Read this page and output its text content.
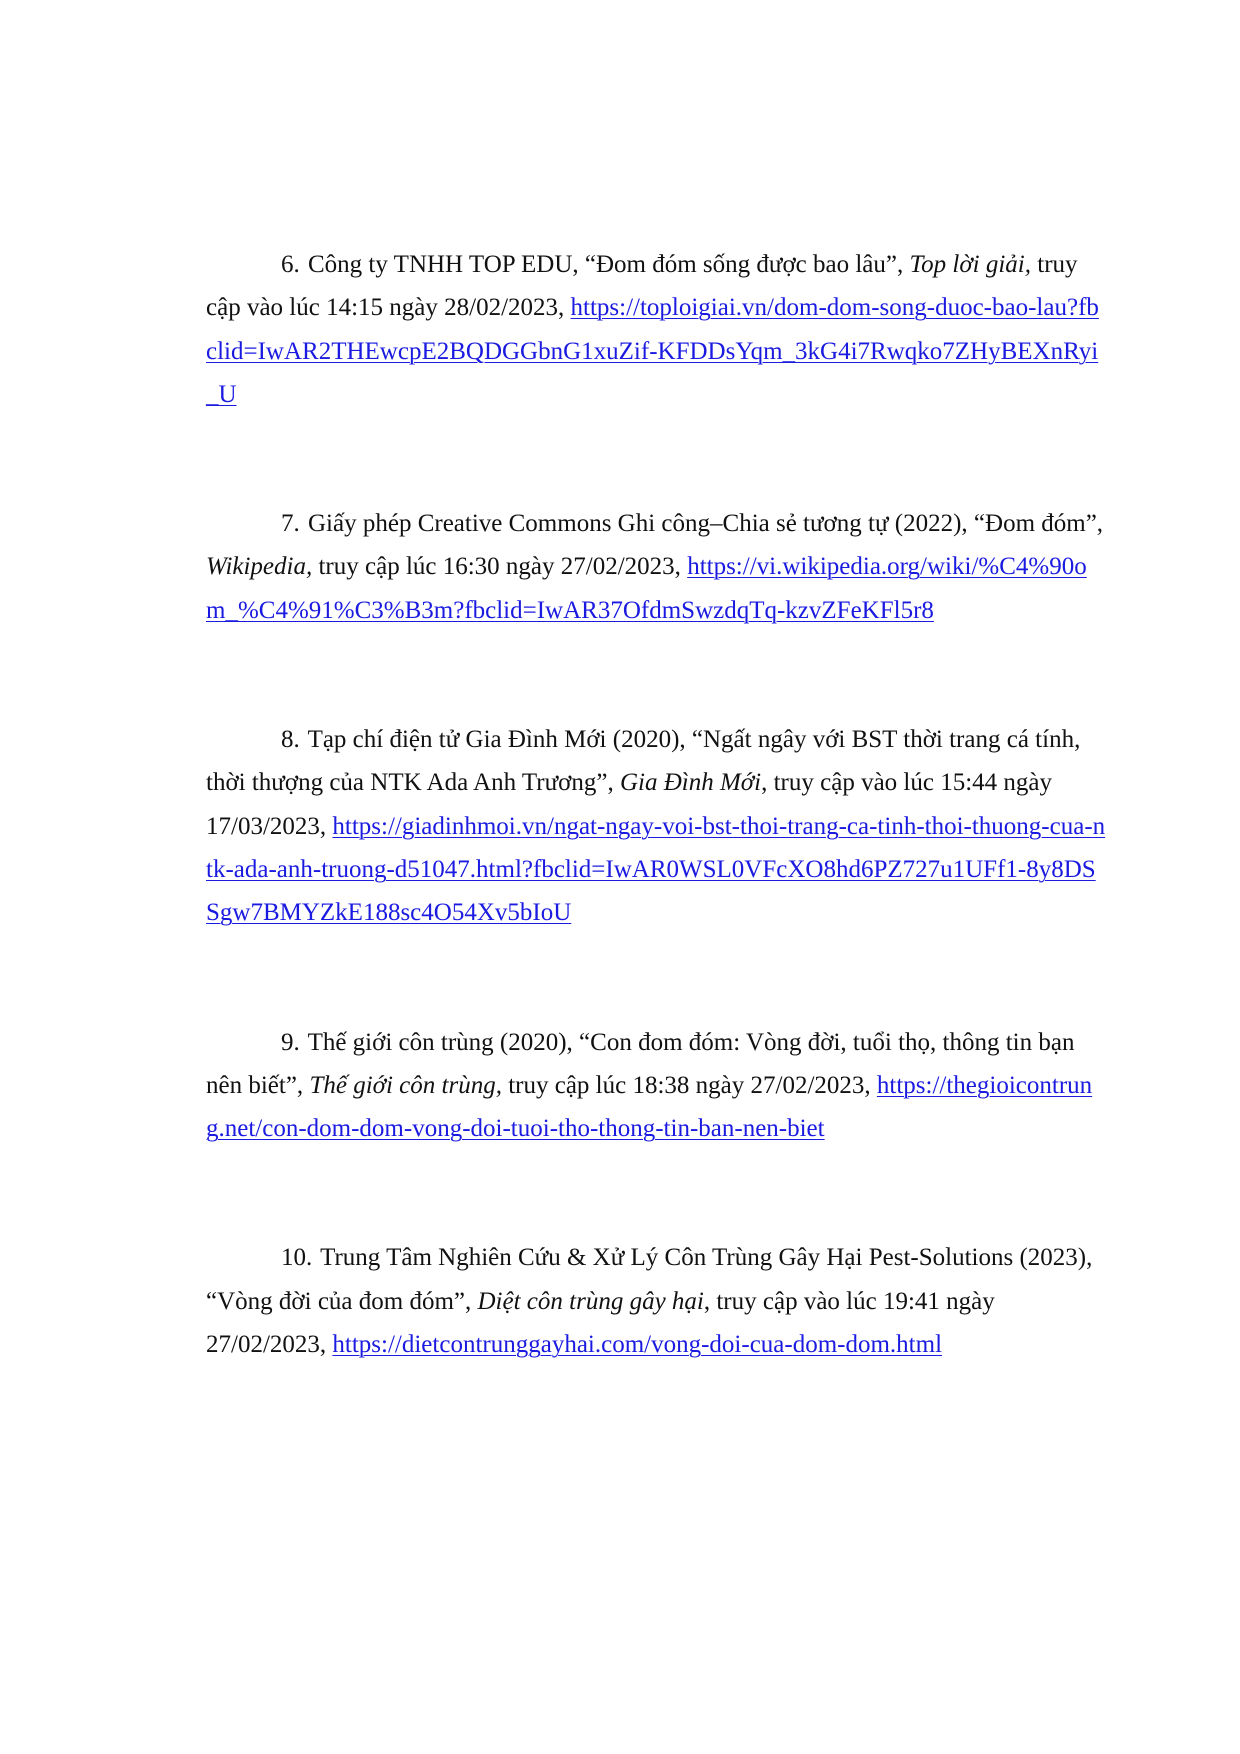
6. Công ty TNHH TOP EDU, “Đom đóm sống được bao lâu”, Top lời giải, truy cập vào lúc 14:15 ngày 28/02/2023, https://toploigiai.vn/dom-dom-song-duoc-bao-lau?fbclid=IwAR2THEwcpE2BQDGGbnG1xuZif-KFDDsYqm_3kG4i7Rwqko7ZHyBEXnRyi_U

7. Giấy phép Creative Commons Ghi công–Chia sẻ tương tự (2022), “Đom đóm”, Wikipedia, truy cập lúc 16:30 ngày 27/02/2023, https://vi.wikipedia.org/wiki/%C4%90om_%C4%91%C3%B3m?fbclid=IwAR37OfdmSwzdqTq-kzvZFeKFl5r8

8. Tạp chí điện tử Gia Đình Mới (2020), “Ngất ngây với BST thời trang cá tính, thời thượng của NTK Ada Anh Trương”, Gia Đình Mới, truy cập vào lúc 15:44 ngày 17/03/2023, https://giadinhmoi.vn/ngat-ngay-voi-bst-thoi-trang-ca-tinh-thoi-thuong-cua-ntk-ada-anh-truong-d51047.html?fbclid=IwAR0WSL0VFcXO8hd6PZ727u1UFf1-8y8DSSgw7BMYZkE188sc4O54Xv5bIoU

9. Thế giới côn trùng (2020), “Con đom đóm: Vòng đời, tuổi thọ, thông tin bạn nên biết”, Thế giới côn trùng, truy cập lúc 18:38 ngày 27/02/2023, https://thegioicontrung.net/con-dom-dom-vong-doi-tuoi-tho-thong-tin-ban-nen-biet

10. Trung Tâm Nghiên Cứu & Xử Lý Côn Trùng Gây Hại Pest-Solutions (2023), “Vòng đời của đom đóm”, Diệt côn trùng gây hại, truy cập vào lúc 19:41 ngày 27/02/2023, https://dietcontrunggayhai.com/vong-doi-cua-dom-dom.html
